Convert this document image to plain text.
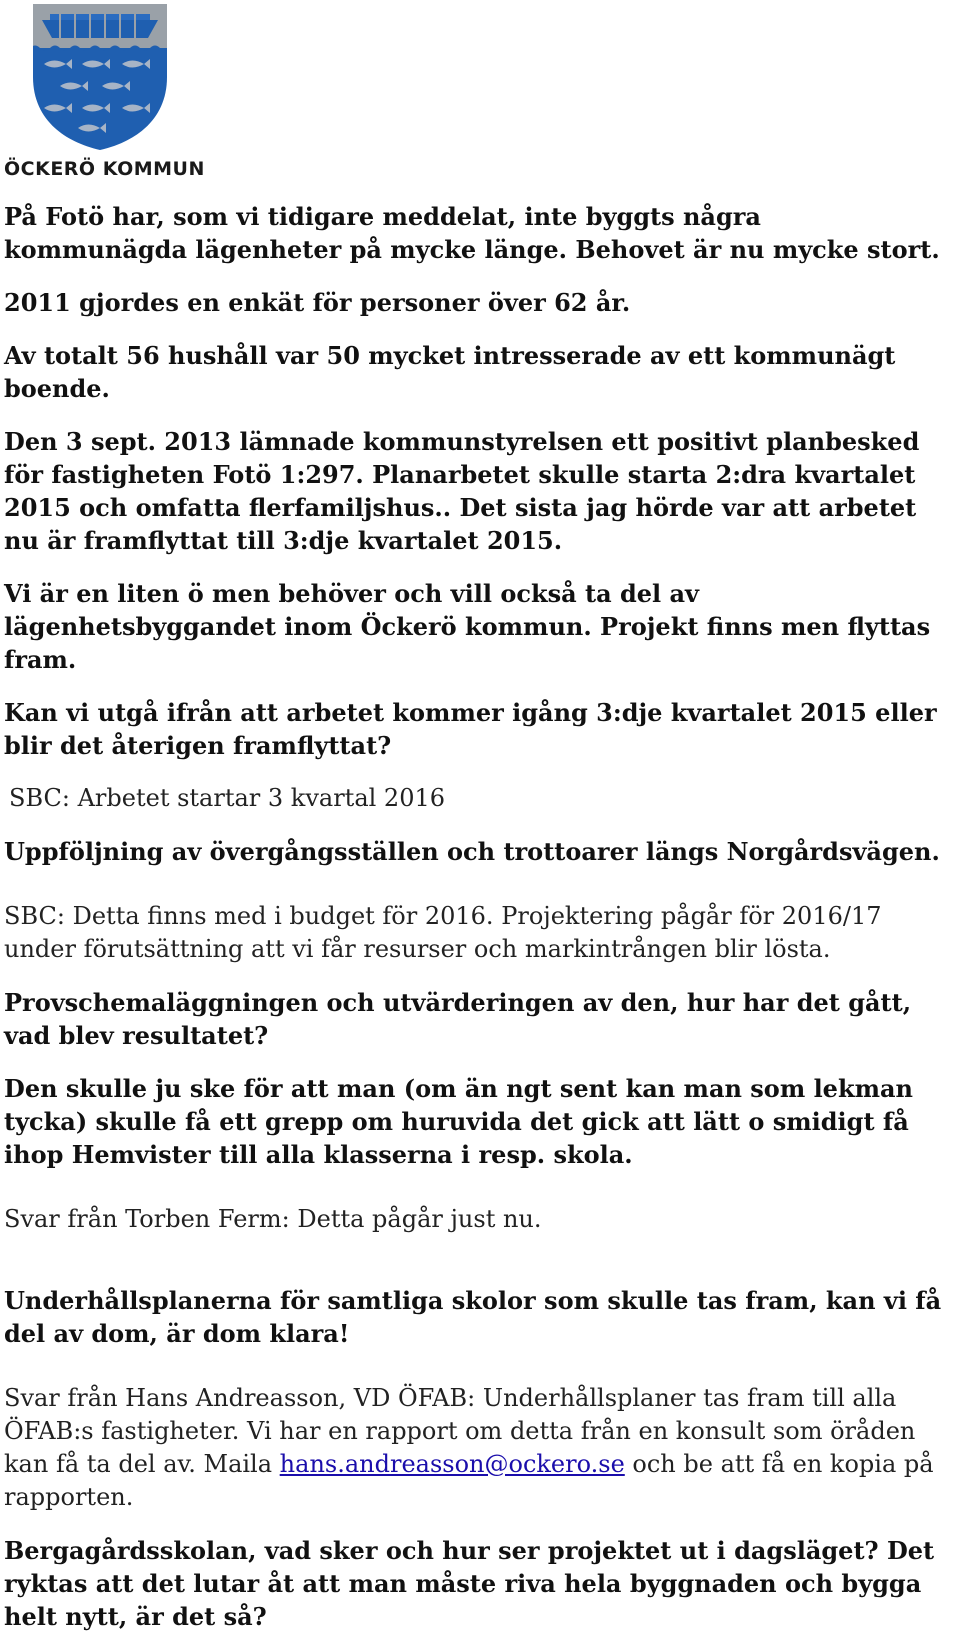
ÖCKERÖ KOMMUN

På Fotö har, som vi tidigare meddelat, inte byggts några kommunägda lägenheter på mycke länge. Behovet är nu mycke stort.

2011 gjordes en enkät för personer över 62 år.

Av totalt 56 hushåll var 50 mycket intresserade av ett kommunägt boende.

Den 3 sept. 2013 lämnade kommunstyrelsen ett positivt planbesked för fastigheten Fotö 1:297. Planarbetet skulle starta 2:dra kvartalet 2015 och omfatta flerfamiljshus.. Det sista jag hörde var att arbetet nu är framflyttat till 3:dje kvartalet 2015.

Vi är en liten ö men behöver och vill också ta del av lägenhetsbyggandet inom Öckerö kommun. Projekt finns men flyttas fram.

Kan vi utgå ifrån att arbetet kommer igång 3:dje kvartalet 2015 eller blir det återigen framflyttat?

SBC: Arbetet startar 3 kvartal 2016

Uppföljning av övergångsställen och trottoarer längs Norgårdsvägen.

SBC: Detta finns med i budget för 2016. Projektering pågår för 2016/17 under förutsättning att vi får resurser och markintrången blir lösta.

Provschemaläggningen och utvärderingen av den, hur har det gått, vad blev resultatet?

Den skulle ju ske för att man (om än ngt sent kan man som lekman tycka) skulle få ett grepp om huruvida det gick att lätt o smidigt få ihop Hemvister till alla klasserna i resp. skola.

Svar från Torben Ferm: Detta pågår just nu.

Underhållsplanerna för samtliga skolor som skulle tas fram, kan vi få del av dom, är dom klara!

Svar från Hans Andreasson, VD ÖFAB: Underhållsplaner tas fram till alla ÖFAB:s fastigheter. Vi har en rapport om detta från en konsult som öråden kan få ta del av. Maila hans.andreasson@ockero.se och be att få en kopia på rapporten.

Bergagårdsskolan, vad sker och hur ser projektet ut i dagsläget? Det ryktas att det lutar åt att man måste riva hela byggnaden och bygga helt nytt, är det så?
